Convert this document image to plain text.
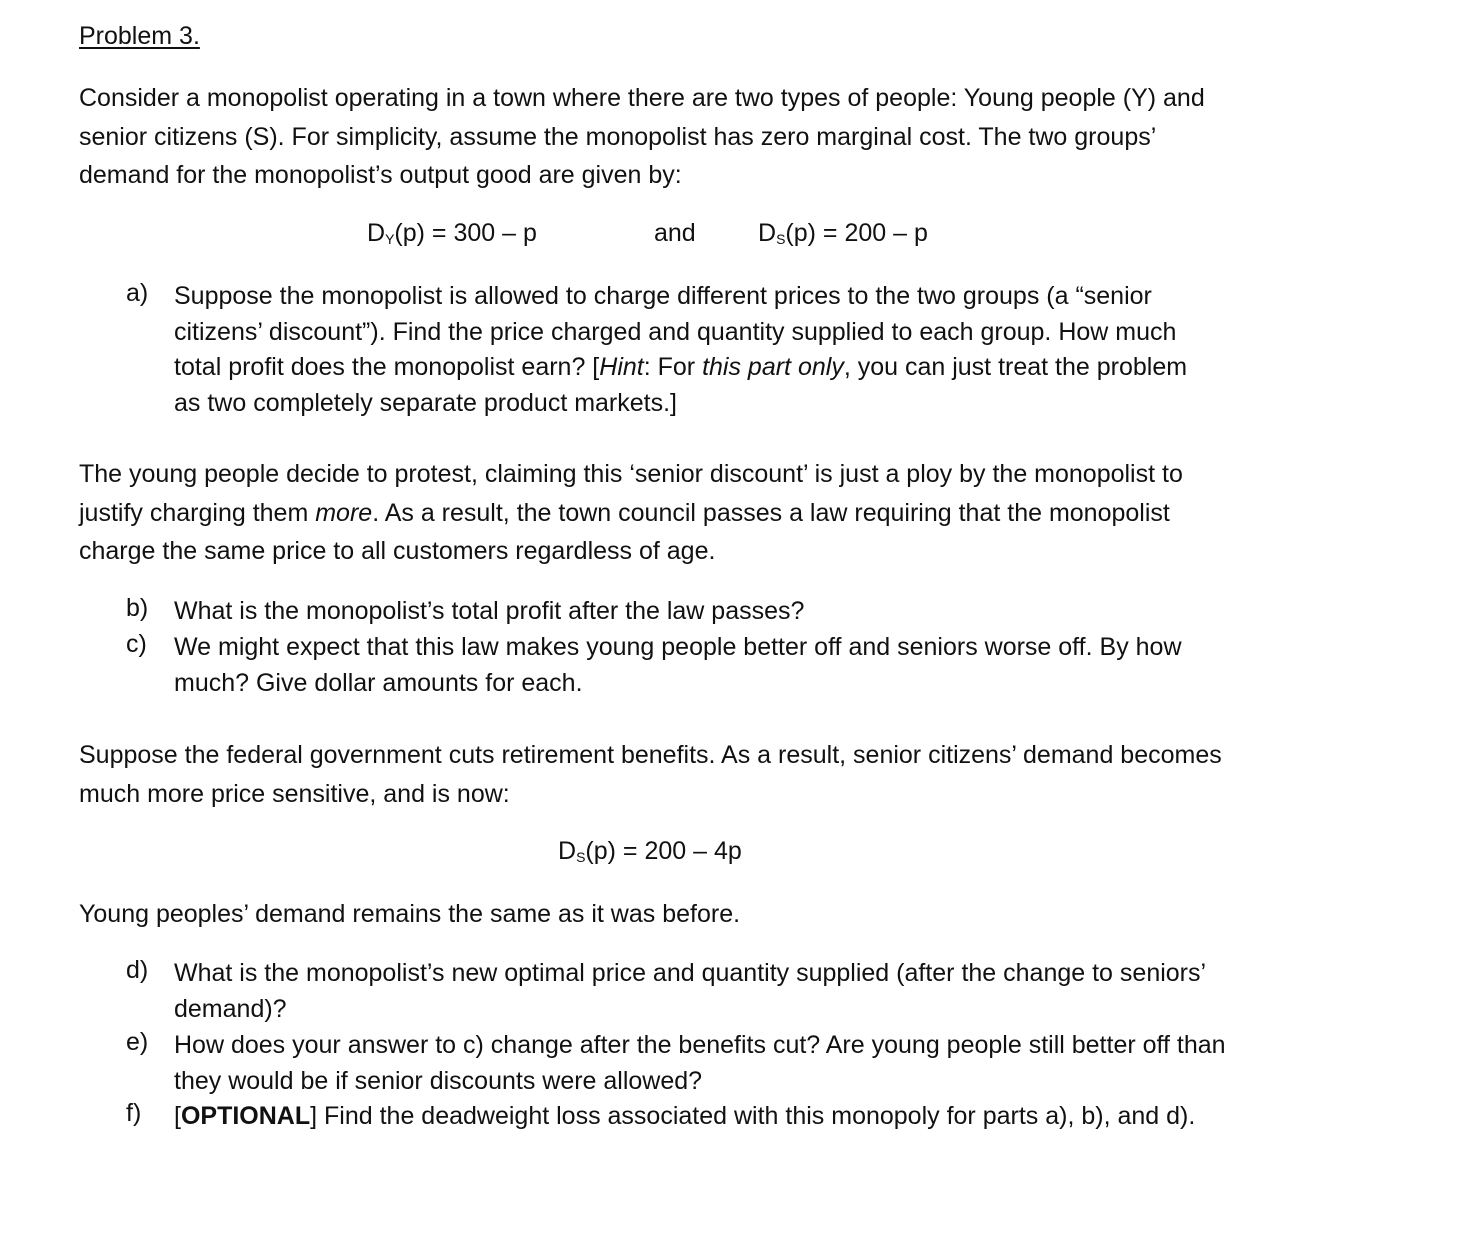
Problem 3.
Consider a monopolist operating in a town where there are two types of people: Young people (Y) and
senior citizens (S). For simplicity, assume the monopolist has zero marginal cost. The two groups’
demand for the monopolist’s output good are given by:
$D_Y(p) = 300 - p$	and $D_S(p) = 200 - p$
a) Suppose the monopolist is allowed to charge different prices to the two groups (a “senior
citizens’ discount”). Find the price charged and quantity supplied to each group. How much
total profit does the monopolist earn? [Hint: For this part only, you can just treat the problem
as two completely separate product markets.]
The young people decide to protest, claiming this ‘senior discount’ is just a ploy by the monopolist to
justify charging them more. As a result, the town council passes a law requiring that the monopolist
charge the same price to all customers regardless of age.
b) What is the monopolist’s total profit after the law passes?
c) We might expect that this law makes young people better off and seniors worse off. By how
much? Give dollar amounts for each.
Suppose the federal government cuts retirement benefits. As a result, senior citizens’ demand becomes
much more price sensitive, and is now:
$D_S(p) = 200 - 4p$
Young peoples’ demand remains the same as it was before.
d) What is the monopolist’s new optimal price and quantity supplied (after the change to seniors’
demand)?
e) How does your answer to c) change after the benefits cut? Are young people still better off than
they would be if senior discounts were allowed?
f) [OPTIONAL] Find the deadweight loss associated with this monopoly for parts a), b), and d).
